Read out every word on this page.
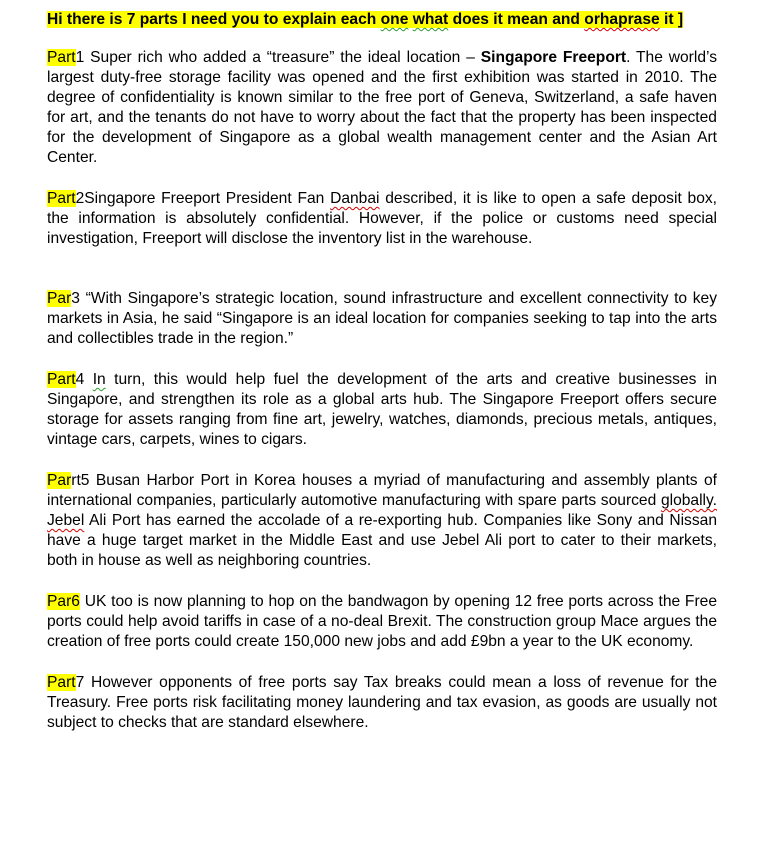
Hi there is 7 parts I need you to explain each one what does it mean and orhaprase it ]

Part1 Super rich who added a “treasure” the ideal location – Singapore Freeport. The world’s largest duty-free storage facility was opened and the first exhibition was started in 2010. The degree of confidentiality is known similar to the free port of Geneva, Switzerland, a safe haven for art, and the tenants do not have to worry about the fact that the property has been inspected for the development of Singapore as a global wealth management center and the Asian Art Center.

Part2Singapore Freeport President Fan Danbai described, it is like to open a safe deposit box, the information is absolutely confidential. However, if the police or customs need special investigation, Freeport will disclose the inventory list in the warehouse.

Par3 “With Singapore’s strategic location, sound infrastructure and excellent connectivity to key markets in Asia, he said “Singapore is an ideal location for companies seeking to tap into the arts and collectibles trade in the region.”

Part4 In turn, this would help fuel the development of the arts and creative businesses in Singapore, and strengthen its role as a global arts hub. The Singapore Freeport offers secure storage for assets ranging from fine art, jewelry, watches, diamonds, precious metals, antiques, vintage cars, carpets, wines to cigars.

Parrt5 Busan Harbor Port in Korea houses a myriad of manufacturing and assembly plants of international companies, particularly automotive manufacturing with spare parts sourced globally. Jebel Ali Port has earned the accolade of a re-exporting hub. Companies like Sony and Nissan have a huge target market in the Middle East and use Jebel Ali port to cater to their markets, both in house as well as neighboring countries.

Par6 UK too is now planning to hop on the bandwagon by opening 12 free ports across the Free ports could help avoid tariffs in case of a no-deal Brexit. The construction group Mace argues the creation of free ports could create 150,000 new jobs and add £9bn a year to the UK economy.

Part7 However opponents of free ports say Tax breaks could mean a loss of revenue for the Treasury. Free ports risk facilitating money laundering and tax evasion, as goods are usually not subject to checks that are standard elsewhere.
